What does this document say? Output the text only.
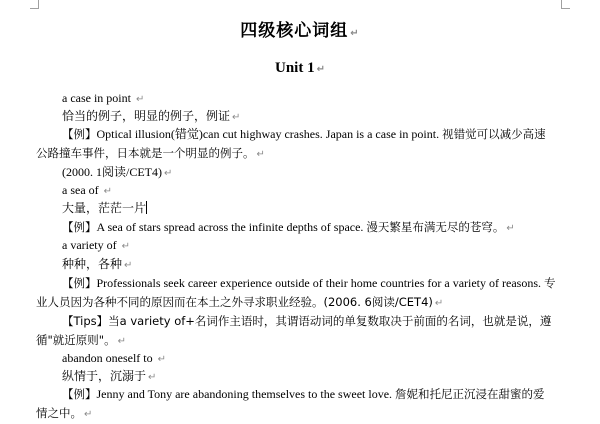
四级核心词组 ↵
Unit 1 ↵
a case in point ↵
恰当的例子，明显的例子，例证 ↵
【例】Optical illusion(错觉)can cut highway crashes. Japan is a case in point. 视错觉可以减少高速公路撞车事件，日本就是一个明显的例子。 ↵
(2000. 1阅读/CET4) ↵
a sea of ↵
大量，茫茫一片
【例】A sea of stars spread across the infinite depths of space. 漫天繁星布满无尽的苍穹。 ↵
a variety of ↵
种种，各种 ↵
【例】Professionals seek career experience outside of their home countries for a variety of reasons. 专业人员因为各种不同的原因而在本土之外寻求职业经验。(2006. 6阅读/CET4) ↵
【Tips】当a variety of+名词作主语时，其谓语动词的单复数取决于前面的名词，也就是说，遵循"就近原则"。 ↵
abandon oneself to ↵
纵情于，沉溺于 ↵
【例】Jenny and Tony are abandoning themselves to the sweet love. 詹妮和托尼正沉浸在甜蜜的爱情之中。 ↵
